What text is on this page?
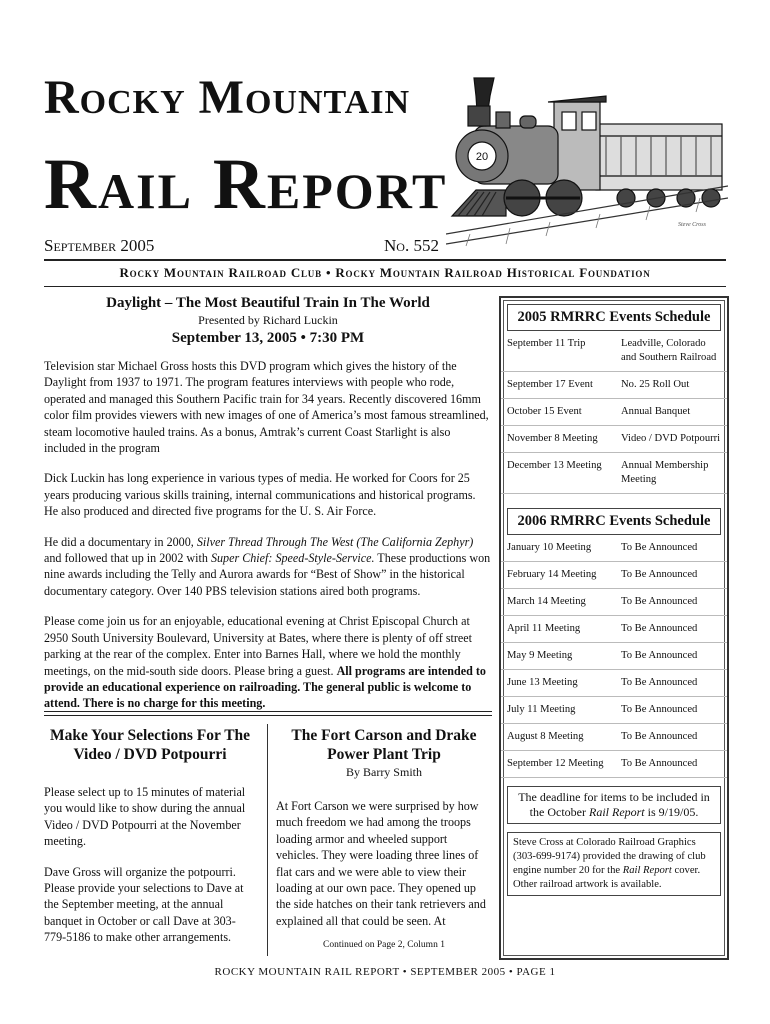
Rocky Mountain
Rail Report	20
Steve Cross
September 2005	No. 552
Rocky Mountain Railroad Club • Rocky Mountain Railroad Historical Foundation
Daylight – The Most Beautiful Train In The World
Presented by Richard Luckin
September 13, 2005 • 7:30 PM

Television star Michael Gross hosts this DVD program which gives the history of the Daylight from 1937 to 1971. The program features interviews with people who rode, operated and managed this Southern Pacific train for 34 years. Recently discovered 16mm color film provides viewers with new images of one of America’s most famous streamlined, steam locomotive hauled trains. As a bonus, Amtrak’s current Coast Starlight is also included in the program

Dick Luckin has long experience in various types of media. He worked for Coors for 25 years producing various skills training, internal communications and historical programs. He also produced and directed five programs for the U. S. Air Force.

He did a documentary in 2000, Silver Thread Through The West (The California Zephyr) and followed that up in 2002 with Super Chief: Speed-Style-Service. These productions won nine awards including the Telly and Aurora awards for “Best of Show” in the historical documentary category. Over 140 PBS television stations aired both programs.

Please come join us for an enjoyable, educational evening at Christ Episcopal Church at 2950 South University Boulevard, University at Bates, where there is plenty of off street parking at the rear of the complex. Enter into Barnes Hall, where we hold the monthly meetings, on the mid-south side doors. Please bring a guest. All programs are intended to provide an educational experience on railroading. The general public is welcome to attend. There is no charge for this meeting.

Make Your Selections For The Video / DVD Potpourri

Please select up to 15 minutes of material you would like to show during the annual Video / DVD Potpourri at the November meeting.

Dave Gross will organize the potpourri. Please provide your selections to Dave at the September meeting, at the annual banquet in October or call Dave at 303-779-5186 to make other arrangements.

The Fort Carson and Drake Power Plant Trip
By Barry Smith

At Fort Carson we were surprised by how much freedom we had among the troops loading armor and wheeled support vehicles. They were loading three lines of flat cars and we were able to view their loading at our own pace. They opened up the side hatches on their tank retrievers and explained all that could be seen. At

Continued on Page 2, Column 1
2005 RMRRC Events Schedule
September 11 Trip	Leadville, Colorado and Southern Railroad
September 17 Event	No. 25 Roll Out
October 15 Event	Annual Banquet
November 8 Meeting	Video / DVD Potpourri
December 13 Meeting	Annual Membership Meeting
2006 RMRRC Events Schedule
January 10 Meeting	To Be Announced
February 14 Meeting	To Be Announced
March 14 Meeting	To Be Announced
April 11 Meeting	To Be Announced
May 9 Meeting	To Be Announced
June 13 Meeting	To Be Announced
July 11 Meeting	To Be Announced
August 8 Meeting	To Be Announced
September 12 Meeting	To Be Announced
The deadline for items to be included in the October Rail Report is 9/19/05.
Steve Cross at Colorado Railroad Graphics (303-699-9174) provided the drawing of club engine number 20 for the Rail Report cover. Other railroad artwork is available.
ROCKY MOUNTAIN RAIL REPORT • SEPTEMBER 2005 • PAGE 1
